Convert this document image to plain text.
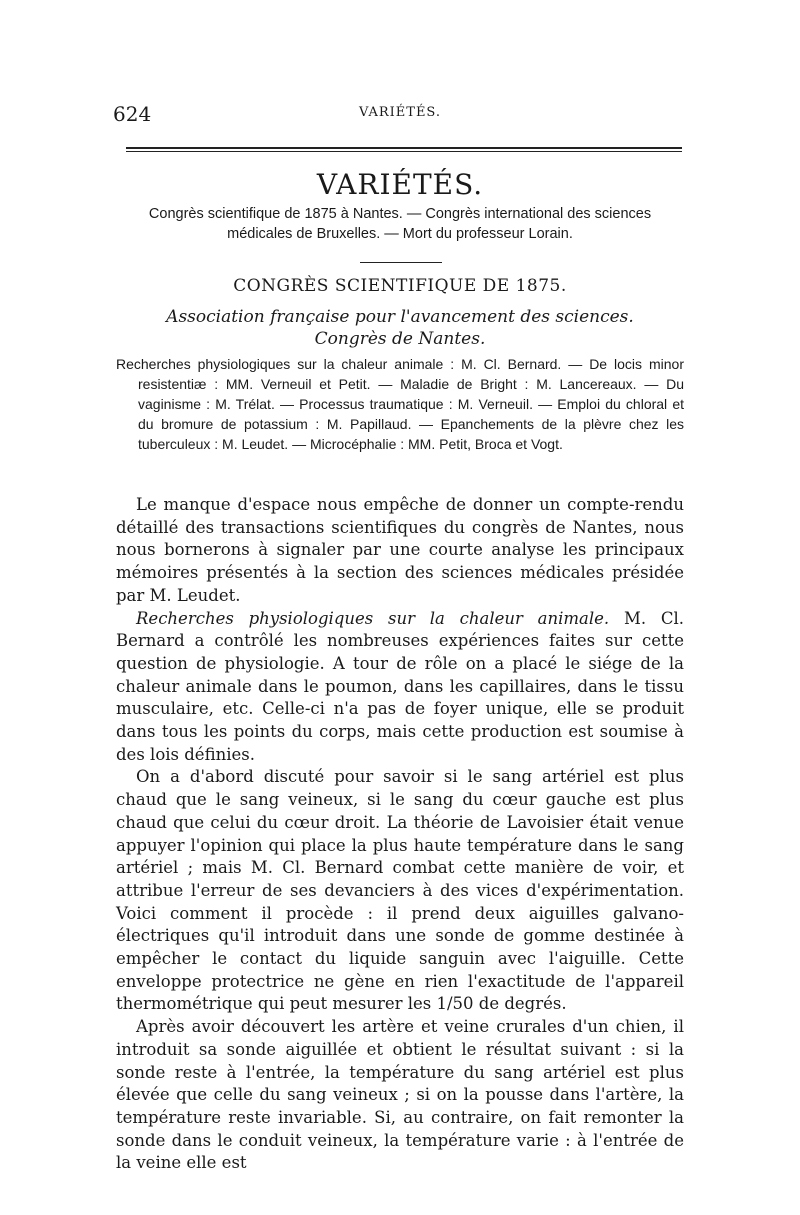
624	VARIÉTÉS.
VARIÉTÉS.
Congrès scientifique de 1875 à Nantes. — Congrès international des sciences médicales de Bruxelles. — Mort du professeur Lorain.
CONGRÈS SCIENTIFIQUE DE 1875.
Association française pour l'avancement des sciences.
Congrès de Nantes.

Recherches physiologiques sur la chaleur animale : M. Cl. Bernard. — De locis minor resistentiæ : MM. Verneuil et Petit. — Maladie de Bright : M. Lancereaux. — Du vaginisme : M. Trélat. — Processus traumatique : M. Verneuil. — Emploi du chloral et du bromure de potassium : M. Papillaud. — Epanchements de la plèvre chez les tuberculeux : M. Leudet. — Microcéphalie : MM. Petit, Broca et Vogt.

Le manque d'espace nous empêche de donner un compte-rendu détaillé des transactions scientifiques du congrès de Nantes, nous nous bornerons à signaler par une courte analyse les principaux mémoires présentés à la section des sciences médicales présidée par M. Leudet.

Recherches physiologiques sur la chaleur animale. M. Cl. Bernard a contrôlé les nombreuses expériences faites sur cette question de physiologie. A tour de rôle on a placé le siége de la chaleur animale dans le poumon, dans les capillaires, dans le tissu musculaire, etc. Celle-ci n'a pas de foyer unique, elle se produit dans tous les points du corps, mais cette production est soumise à des lois définies.

On a d'abord discuté pour savoir si le sang artériel est plus chaud que le sang veineux, si le sang du cœur gauche est plus chaud que celui du cœur droit. La théorie de Lavoisier était venue appuyer l'opinion qui place la plus haute température dans le sang artériel ; mais M. Cl. Bernard combat cette manière de voir, et attribue l'erreur de ses devanciers à des vices d'expérimentation. Voici comment il procède : il prend deux aiguilles galvano-électriques qu'il introduit dans une sonde de gomme destinée à empêcher le contact du liquide sanguin avec l'aiguille. Cette enveloppe protectrice ne gène en rien l'exactitude de l'appareil thermométrique qui peut mesurer les 1/50 de degrés.

Après avoir découvert les artère et veine crurales d'un chien, il introduit sa sonde aiguillée et obtient le résultat suivant : si la sonde reste à l'entrée, la température du sang artériel est plus élevée que celle du sang veineux ; si on la pousse dans l'artère, la température reste invariable. Si, au contraire, on fait remonter la sonde dans le conduit veineux, la température varie : à l'entrée de la veine elle est
